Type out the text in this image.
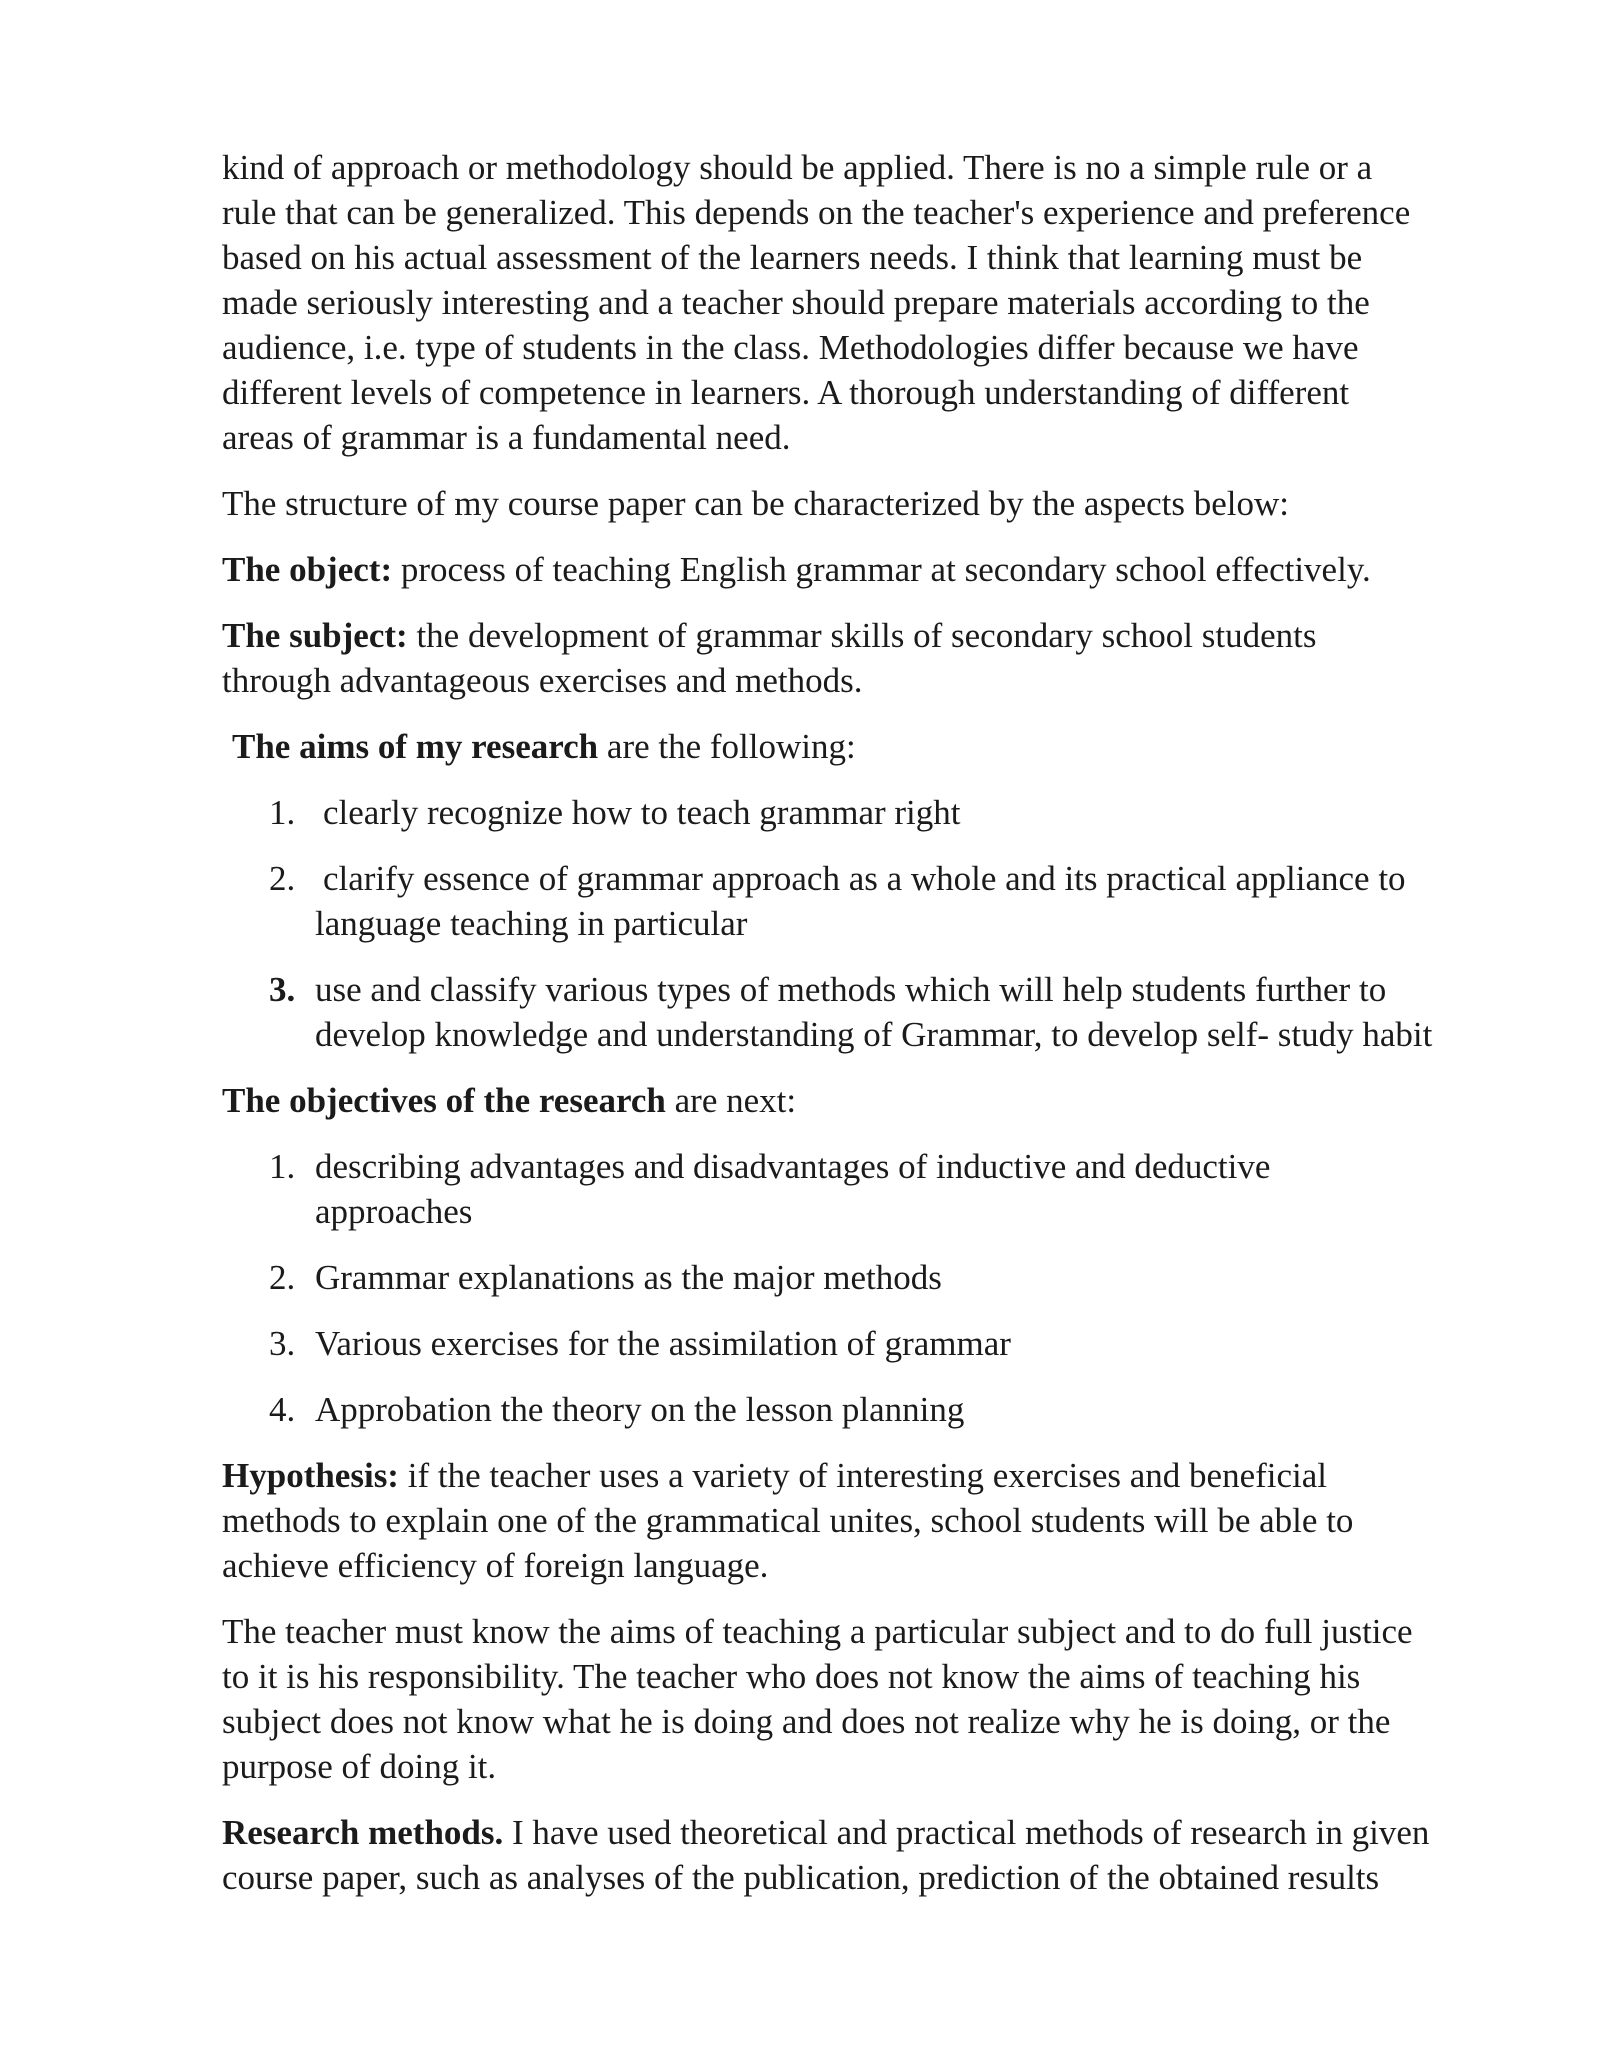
kind of approach or methodology should be applied. There is no a simple rule or a
rule that can be generalized. This depends on the teacher's experience and preference
based on his actual assessment of the learners needs. I think that learning must be
made seriously interesting and a teacher should prepare materials according to the
audience, i.e. type of students in the class. Methodologies differ because we have
different levels of competence in learners. A thorough understanding of different
areas of grammar is a fundamental need.

The structure of my course paper can be characterized by the aspects below:

The object: process of teaching English grammar at secondary school effectively.

The subject: the development of grammar skills of secondary school students
through advantageous exercises and methods.

The aims of my research are the following:

1. clearly recognize how to teach grammar right
2. clarify essence of grammar approach as a whole and its practical appliance to
language teaching in particular
3. use and classify various types of methods which will help students further to
develop knowledge and understanding of Grammar, to develop self- study habit

The objectives of the research are next:

1. describing advantages and disadvantages of inductive and deductive
approaches
2. Grammar explanations as the major methods
3. Various exercises for the assimilation of grammar
4. Approbation the theory on the lesson planning

Hypothesis: if the teacher uses a variety of interesting exercises and beneficial
methods to explain one of the grammatical unites, school students will be able to
achieve efficiency of foreign language.

The teacher must know the aims of teaching a particular subject and to do full justice
to it is his responsibility. The teacher who does not know the aims of teaching his
subject does not know what he is doing and does not realize why he is doing, or the
purpose of doing it.

Research methods. I have used theoretical and practical methods of research in given
course paper, such as analyses of the publication, prediction of the obtained results
